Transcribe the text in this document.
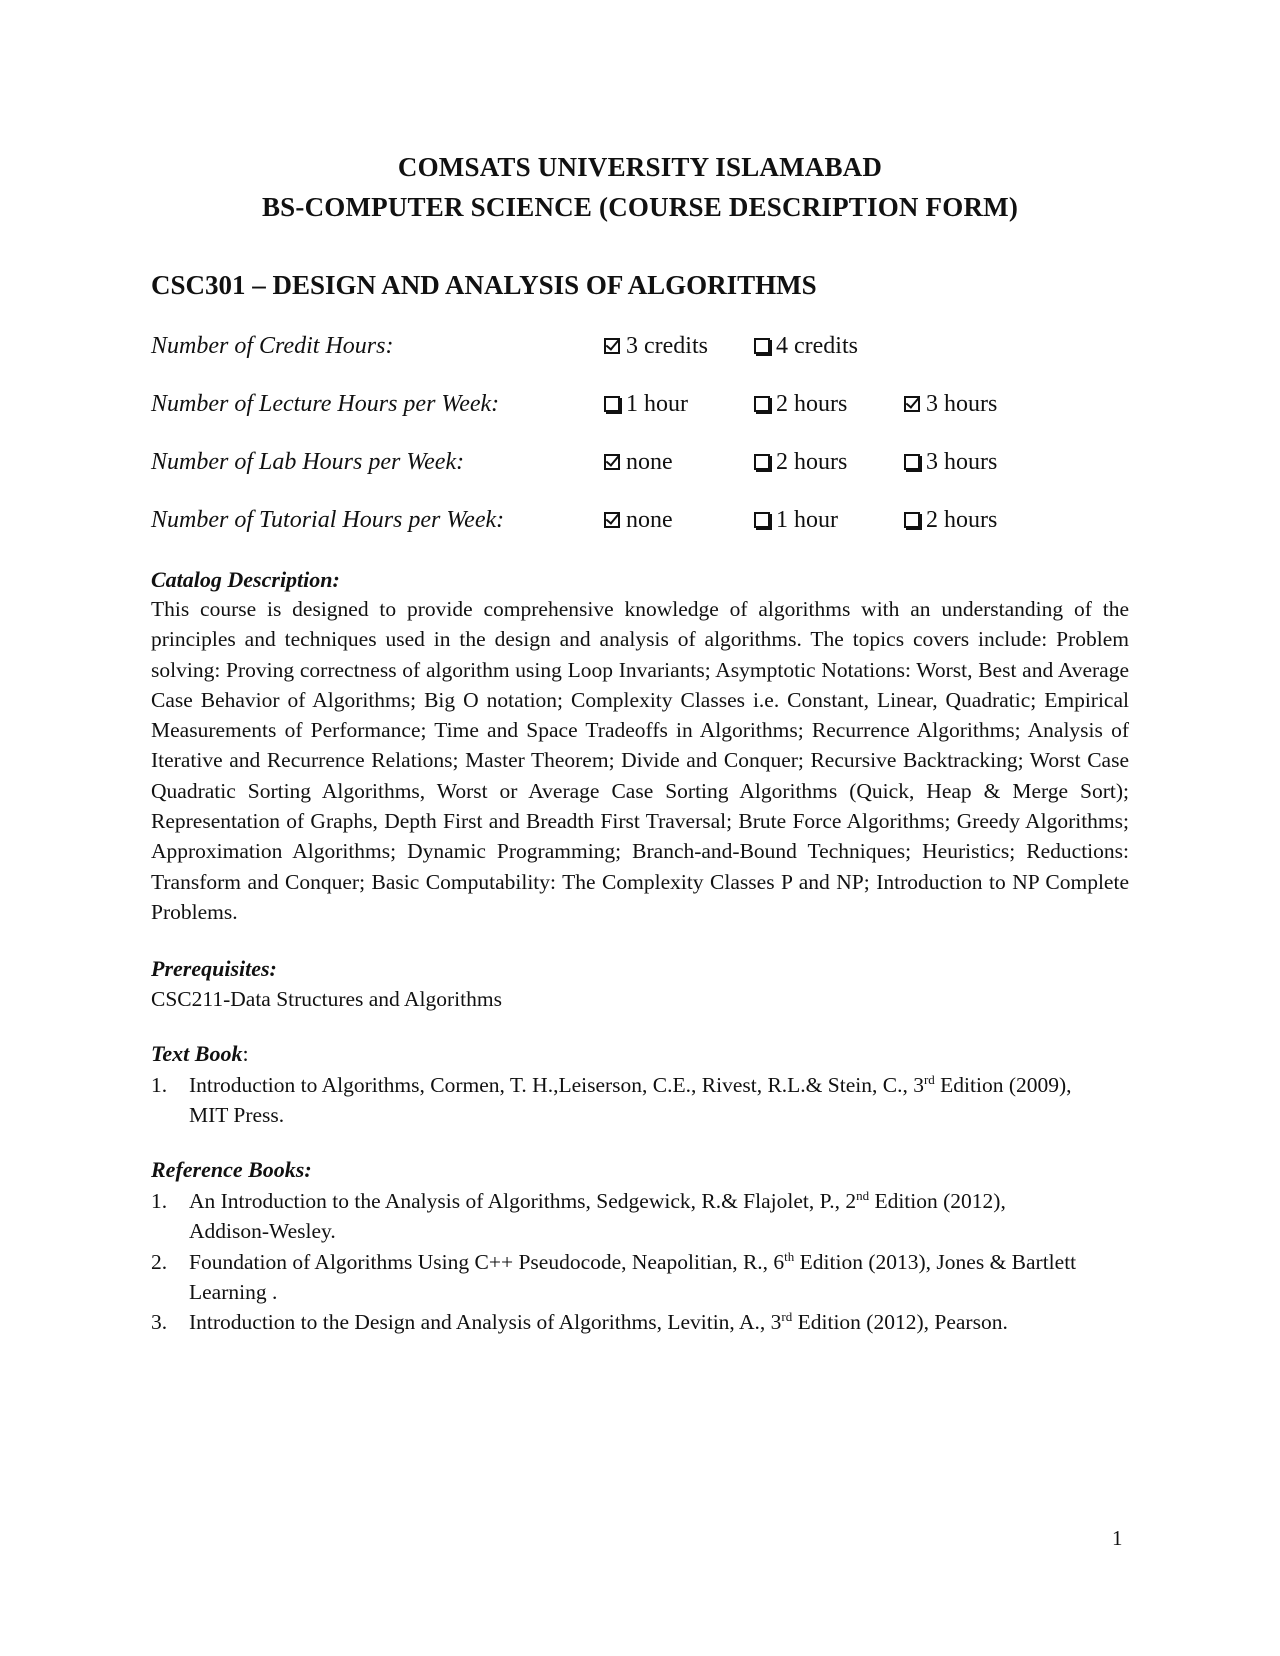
COMSATS UNIVERSITY ISLAMABAD
BS-COMPUTER SCIENCE (COURSE DESCRIPTION FORM)
CSC301 – DESIGN AND ANALYSIS OF ALGORITHMS
Number of Credit Hours:	3 credits	4 credits
Number of Lecture Hours per Week:	1 hour	2 hours	3 hours
Number of Lab Hours per Week:	none	2 hours	3 hours
Number of Tutorial Hours per Week:	none	1 hour	2 hours
Catalog Description:
This course is designed to provide comprehensive knowledge of algorithms with an understanding of the principles and techniques used in the design and analysis of algorithms. The topics covers include: Problem solving: Proving correctness of algorithm using Loop Invariants; Asymptotic Notations: Worst, Best and Average Case Behavior of Algorithms; Big O notation; Complexity Classes i.e. Constant, Linear, Quadratic; Empirical Measurements of Performance; Time and Space Tradeoffs in Algorithms; Recurrence Algorithms; Analysis of Iterative and Recurrence Relations; Master Theorem; Divide and Conquer; Recursive Backtracking; Worst Case Quadratic Sorting Algorithms, Worst or Average Case Sorting Algorithms (Quick, Heap & Merge Sort); Representation of Graphs, Depth First and Breadth First Traversal; Brute Force Algorithms; Greedy Algorithms; Approximation Algorithms; Dynamic Programming; Branch-and-Bound Techniques; Heuristics; Reductions: Transform and Conquer; Basic Computability: The Complexity Classes P and NP; Introduction to NP Complete Problems.
Prerequisites:
CSC211-Data Structures and Algorithms
Text Book:
1. Introduction to Algorithms, Cormen, T. H.,Leiserson, C.E., Rivest, R.L.& Stein, C., 3rd Edition (2009), MIT Press.
Reference Books:
1. An Introduction to the Analysis of Algorithms, Sedgewick, R.& Flajolet, P., 2nd Edition (2012), Addison-Wesley.
2. Foundation of Algorithms Using C++ Pseudocode, Neapolitian, R., 6th Edition (2013), Jones & Bartlett Learning .
3. Introduction to the Design and Analysis of Algorithms, Levitin, A., 3rd Edition (2012), Pearson.
1
